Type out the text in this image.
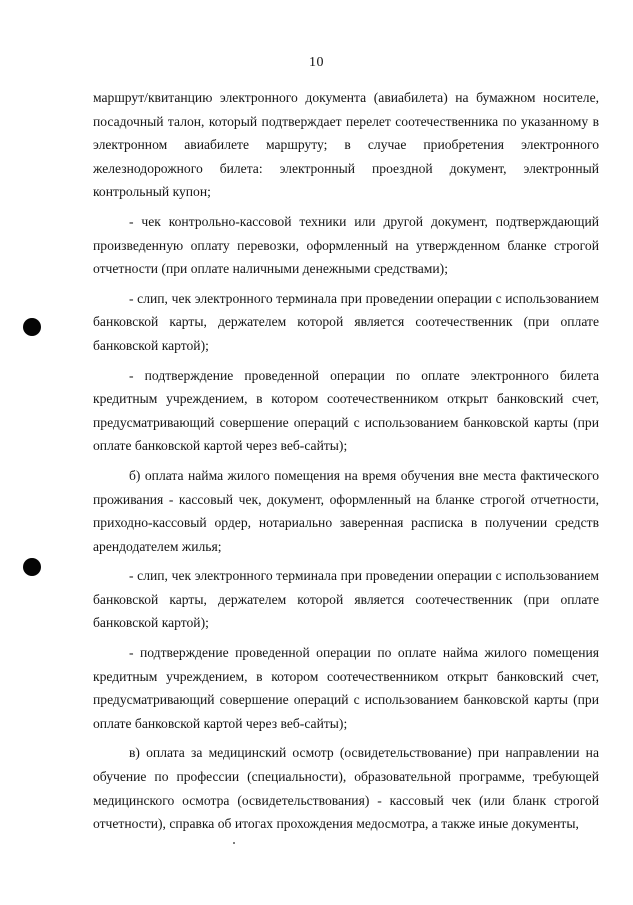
10

маршрут/квитанцию электронного документа (авиабилета) на бумажном носителе, посадочный талон, который подтверждает перелет соотечественника по указанному в электронном авиабилете маршруту; в случае приобретения электронного железнодорожного билета: электронный проездной документ, электронный контрольный купон;

- чек контрольно-кассовой техники или другой документ, подтверждающий произведенную оплату перевозки, оформленный на утвержденном бланке строгой отчетности (при оплате наличными денежными средствами);

- слип, чек электронного терминала при проведении операции с использованием банковской карты, держателем которой является соотечественник (при оплате банковской картой);

- подтверждение проведенной операции по оплате электронного билета кредитным учреждением, в котором соотечественником открыт банковский счет, предусматривающий совершение операций с использованием банковской карты (при оплате банковской картой через веб-сайты);

б) оплата найма жилого помещения на время обучения вне места фактического проживания - кассовый чек, документ, оформленный на бланке строгой отчетности, приходно-кассовый ордер, нотариально заверенная расписка в получении средств арендодателем жилья;

- слип, чек электронного терминала при проведении операции с использованием банковской карты, держателем которой является соотечественник (при оплате банковской картой);

- подтверждение проведенной операции по оплате найма жилого помещения кредитным учреждением, в котором соотечественником открыт банковский счет, предусматривающий совершение операций с использованием банковской карты (при оплате банковской картой через веб-сайты);

в) оплата за медицинский осмотр (освидетельствование) при направлении на обучение по профессии (специальности), образовательной программе, требующей медицинского осмотра (освидетельствования) - кассовый чек (или бланк строгой отчетности), справка об итогах прохождения медосмотра, а также иные документы,
